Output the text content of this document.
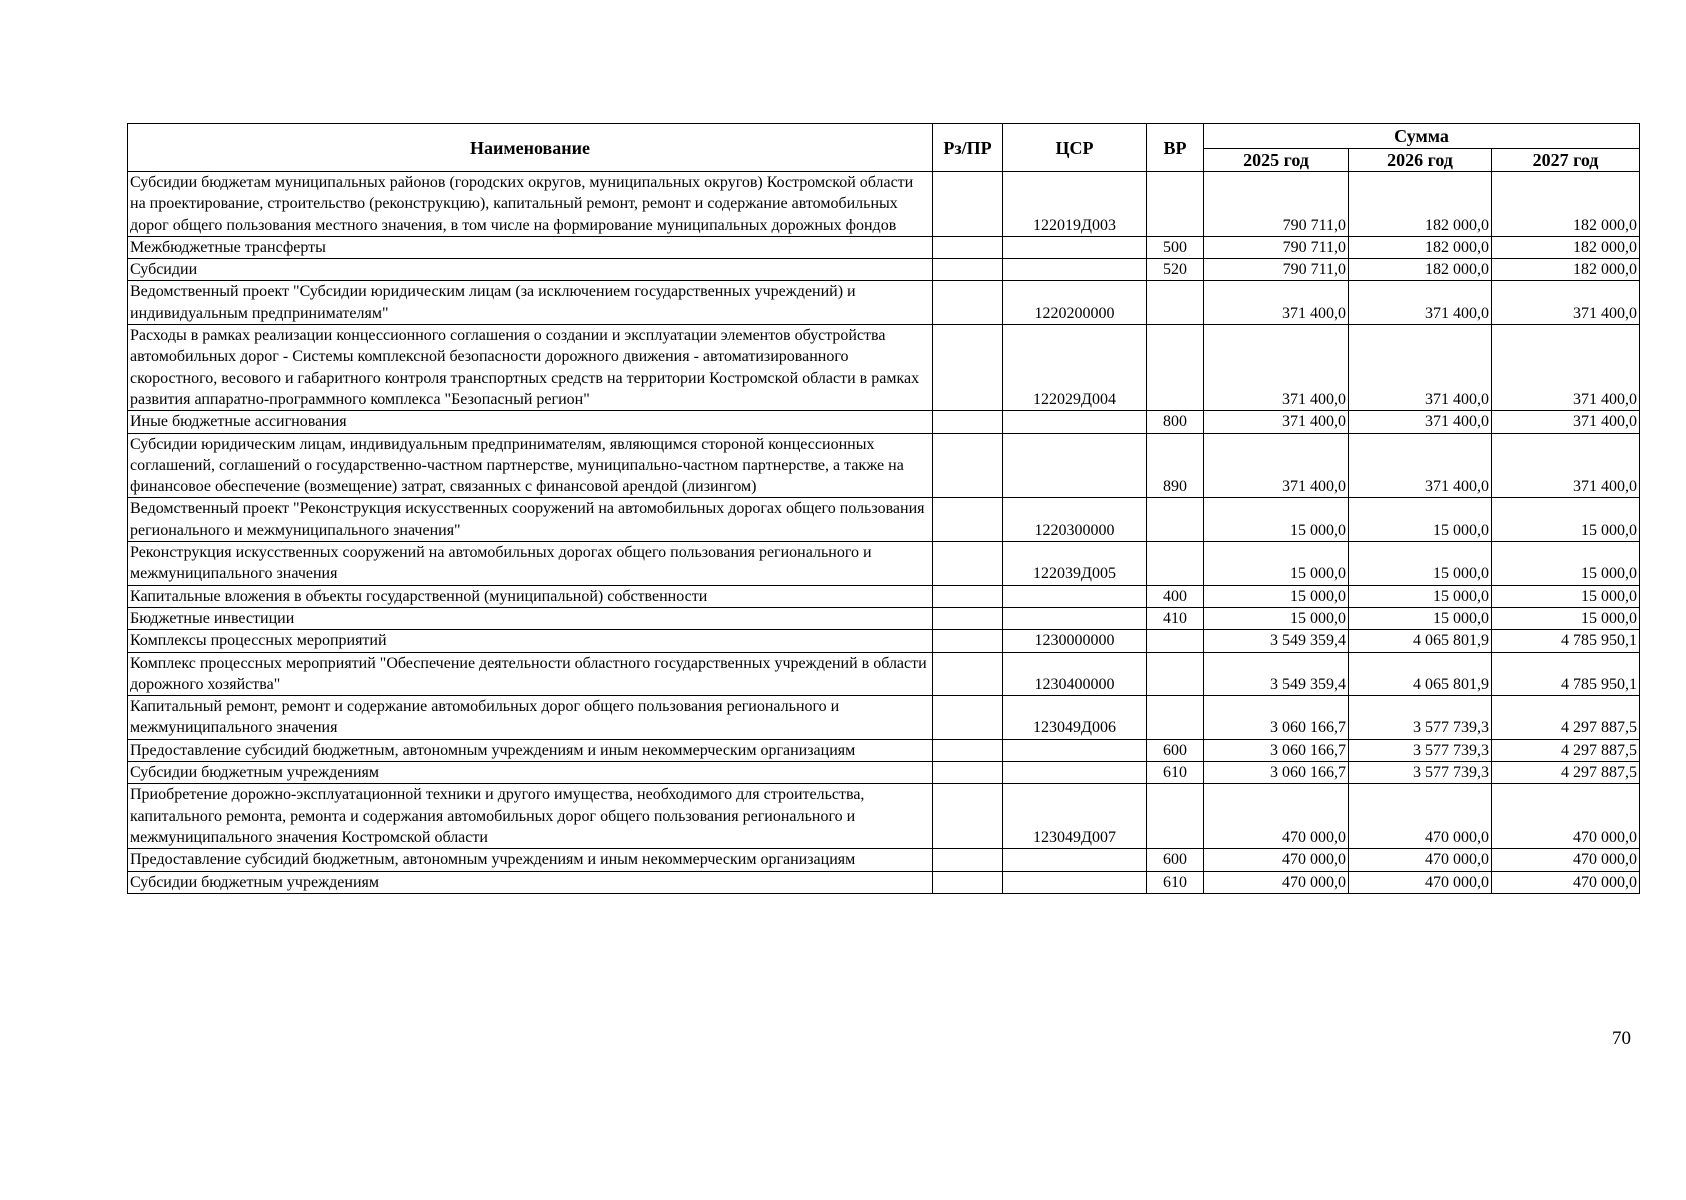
Наименование	Рз/ПР	ЦСР	ВР	Сумма		
				2025 год	2026 год	2027 год
Субсидии бюджетам муниципальных районов (городских округов, муниципальных округов) Костромской области на проектирование, строительство (реконструкцию), капитальный ремонт, ремонт и содержание автомобильных дорог общего пользования местного значения, в том числе на формирование муниципальных дорожных фондов		122019Д003		790 711,0	182 000,0	182 000,0
Межбюджетные трансферты			500	790 711,0	182 000,0	182 000,0
Субсидии			520	790 711,0	182 000,0	182 000,0
Ведомственный проект "Субсидии юридическим лицам (за исключением государственных учреждений) и индивидуальным предпринимателям"		1220200000		371 400,0	371 400,0	371 400,0
Расходы в рамках реализации концессионного соглашения о создании и эксплуатации элементов обустройства автомобильных дорог - Системы комплексной безопасности дорожного движения - автоматизированного скоростного, весового и габаритного контроля транспортных средств на территории Костромской области в рамках развития аппаратно-программного комплекса "Безопасный регион"		122029Д004		371 400,0	371 400,0	371 400,0
Иные бюджетные ассигнования			800	371 400,0	371 400,0	371 400,0
Субсидии юридическим лицам, индивидуальным предпринимателям, являющимся стороной концессионных соглашений, соглашений о государственно-частном партнерстве, муниципально-частном партнерстве, а также на финансовое обеспечение (возмещение) затрат, связанных с финансовой арендой (лизингом)			890	371 400,0	371 400,0	371 400,0
Ведомственный проект "Реконструкция искусственных сооружений на автомобильных дорогах общего пользования регионального и межмуниципального значения"		1220300000		15 000,0	15 000,0	15 000,0
Реконструкция искусственных сооружений на автомобильных дорогах общего пользования регионального и межмуниципального значения		122039Д005		15 000,0	15 000,0	15 000,0
Капитальные вложения в объекты государственной (муниципальной) собственности			400	15 000,0	15 000,0	15 000,0
Бюджетные инвестиции			410	15 000,0	15 000,0	15 000,0
Комплексы процессных мероприятий		1230000000		3 549 359,4	4 065 801,9	4 785 950,1
Комплекс процессных мероприятий "Обеспечение деятельности областного государственных учреждений в области дорожного хозяйства"		1230400000		3 549 359,4	4 065 801,9	4 785 950,1
Капитальный ремонт, ремонт и содержание автомобильных дорог общего пользования регионального и межмуниципального значения		123049Д006		3 060 166,7	3 577 739,3	4 297 887,5
Предоставление субсидий бюджетным, автономным учреждениям и иным некоммерческим организациям			600	3 060 166,7	3 577 739,3	4 297 887,5
Субсидии бюджетным учреждениям			610	3 060 166,7	3 577 739,3	4 297 887,5
Приобретение дорожно-эксплуатационной техники и другого имущества, необходимого для строительства, капитального ремонта, ремонта и содержания автомобильных дорог общего пользования регионального и межмуниципального значения Костромской области		123049Д007		470 000,0	470 000,0	470 000,0
Предоставление субсидий бюджетным, автономным учреждениям и иным некоммерческим организациям			600	470 000,0	470 000,0	470 000,0
Субсидии бюджетным учреждениям			610	470 000,0	470 000,0	470 000,0
70
